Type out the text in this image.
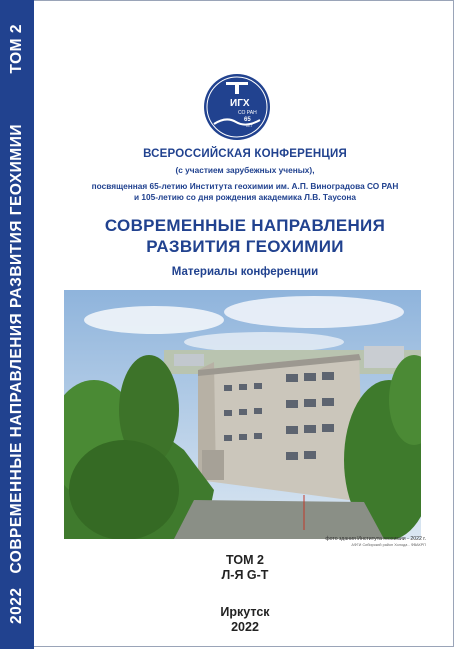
2022
СОВРЕМЕННЫЕ НАПРАВЛЕНИЯ РАЗВИТИЯ ГЕОХИМИИ
ТОМ 2
ИГХ
СО РАН
65
ЛЕТ
ВСЕРОССИЙСКАЯ КОНФЕРЕНЦИЯ
(с участием зарубежных ученых),
посвященная 65-летию Института геохимии им. А.П. Виноградова СО РАН
и 105-летию со дня рождения академика Л.В. Таусона
СОВРЕМЕННЫЕ НАПРАВЛЕНИЯ
РАЗВИТИЯ ГЕОХИМИИ
Материалы конференции
фото здания Института геохимии - 2022 г.
АФГИ Сибирский район Холода - ФВАКРП
ТОМ 2
Л-Я G-T
Иркутск
2022
